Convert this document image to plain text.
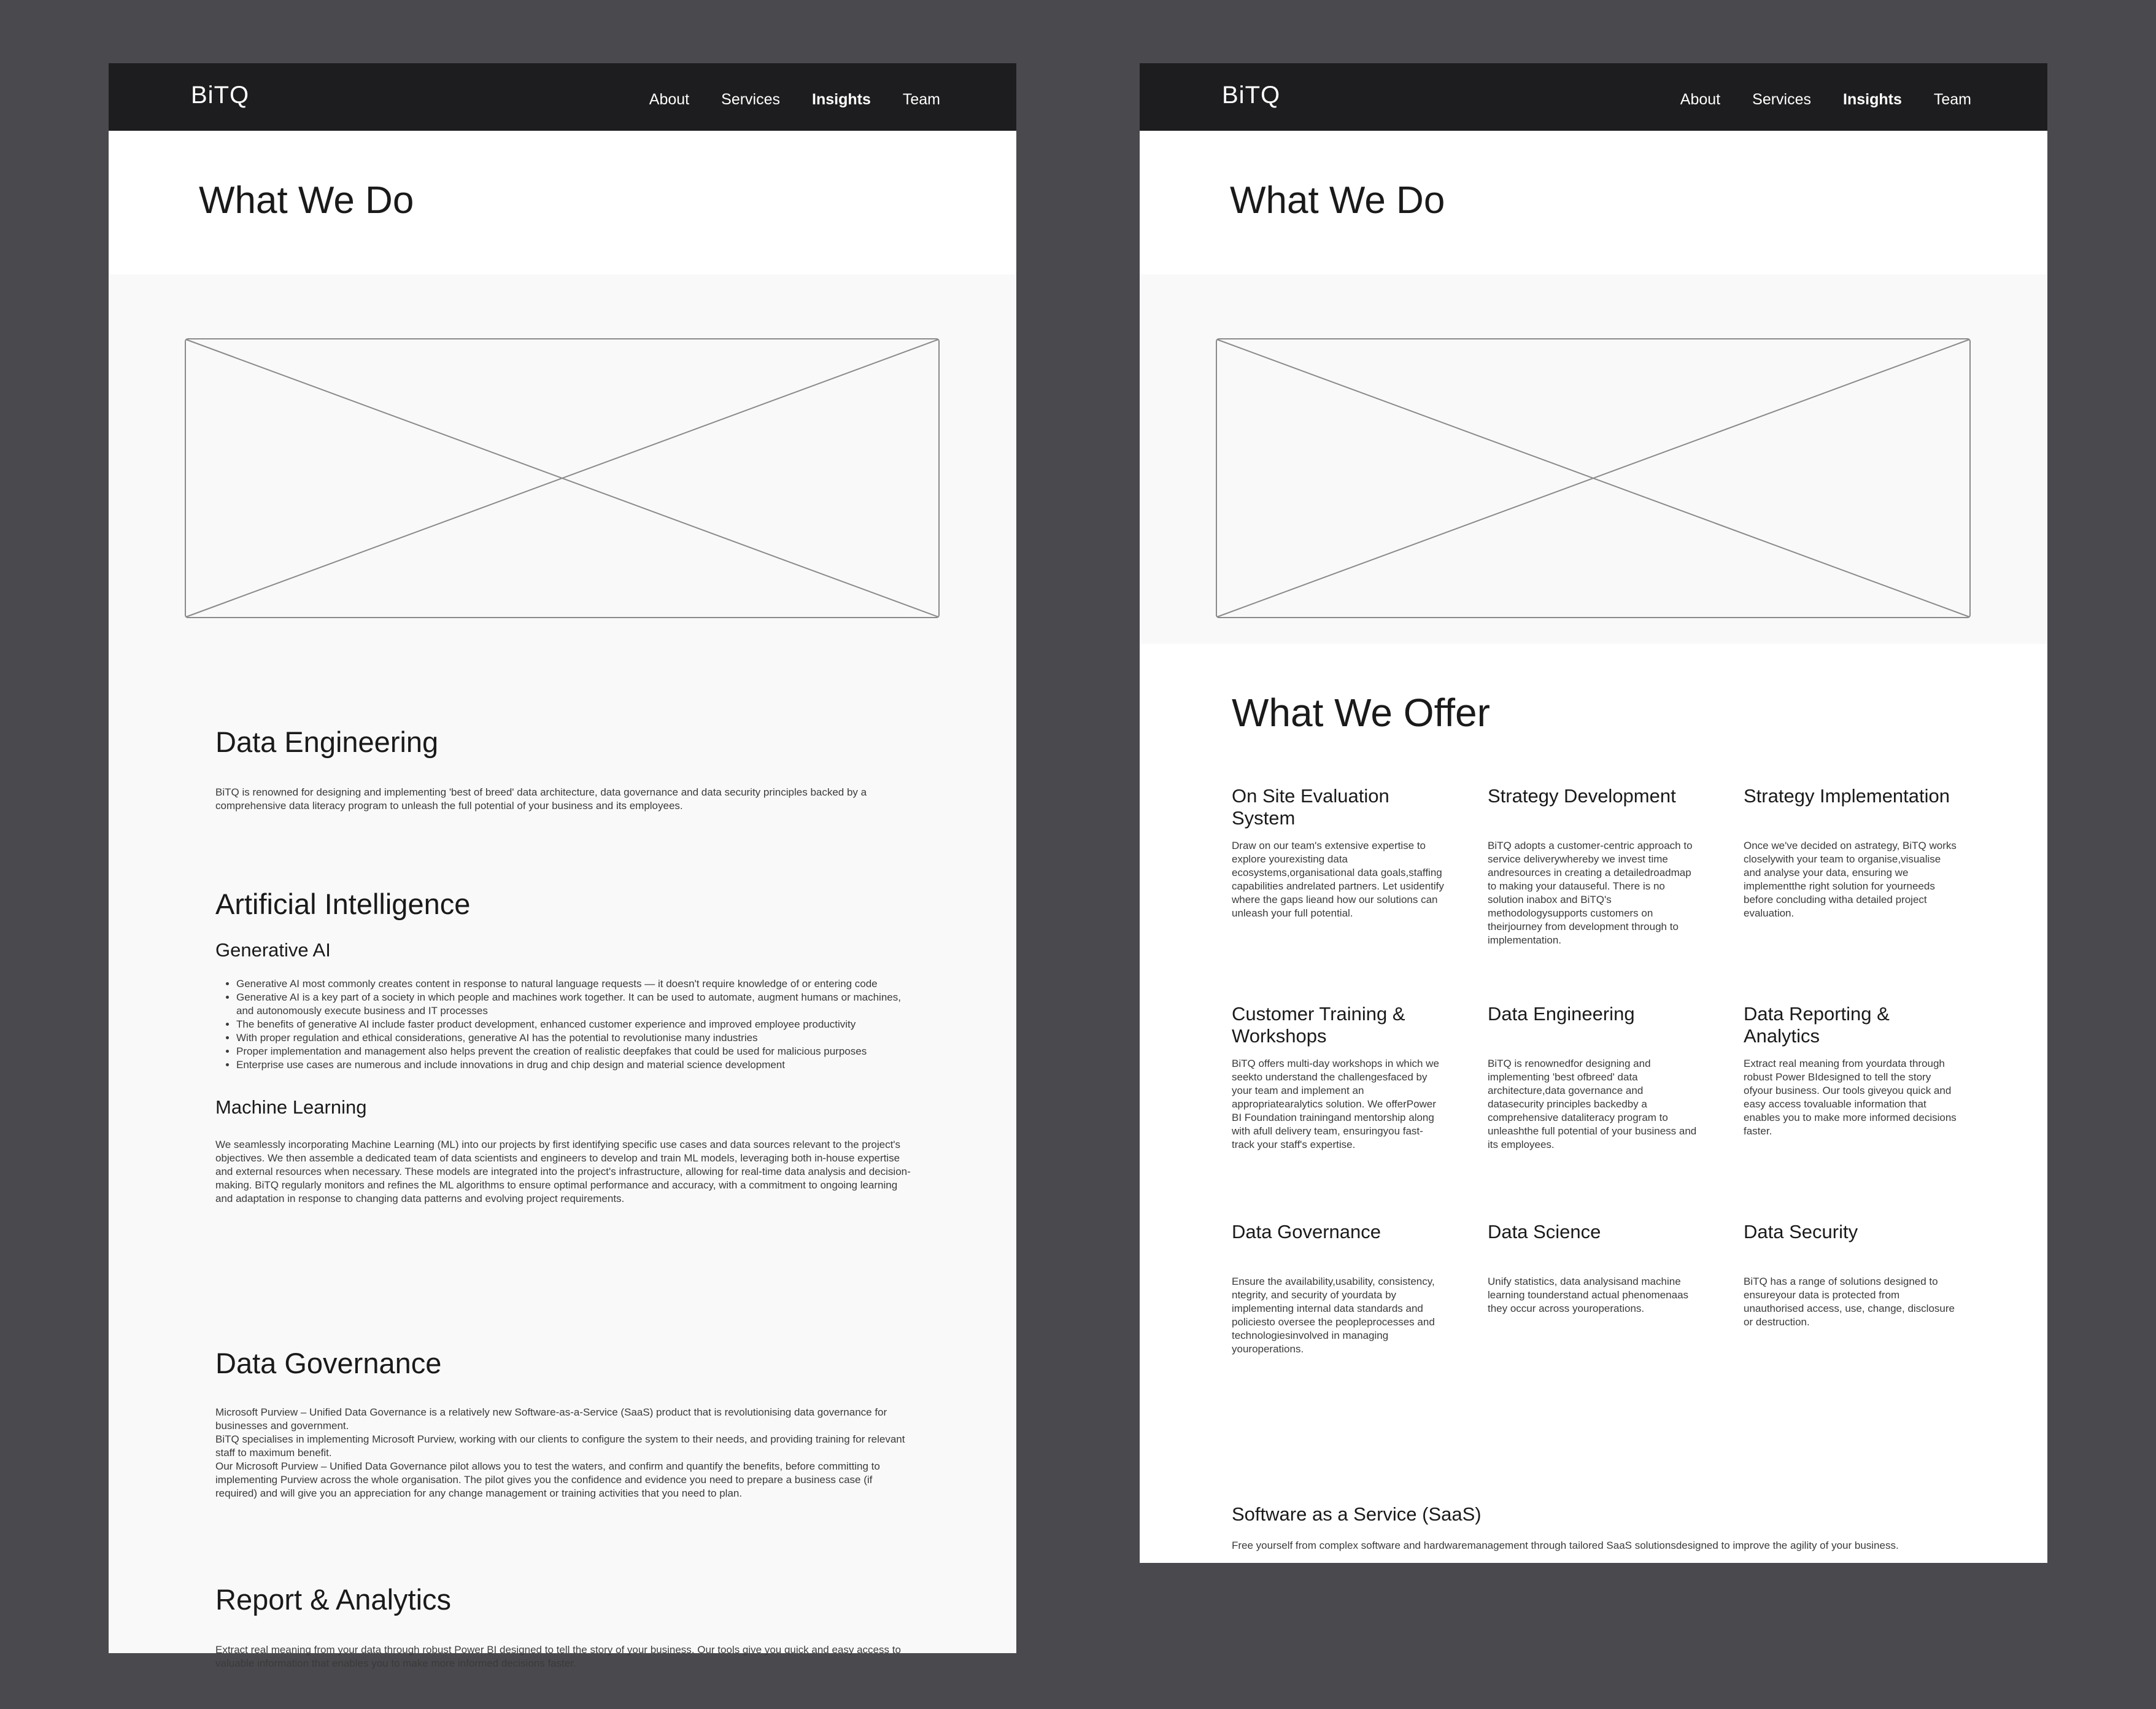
BiTQ	About Services Insights Team
What We Do
Data Engineering
BiTQ is renowned for designing and implementing 'best of breed' data architecture, data governance and data security principles backed by a comprehensive data literacy program to unleash the full potential of your business and its employees.
Artificial Intelligence
Generative AI
• Generative AI most commonly creates content in response to natural language requests — it doesn't require knowledge of or entering code
• Generative AI is a key part of a society in which people and machines work together. It can be used to automate, augment humans or machines, and autonomously execute business and IT processes
• The benefits of generative AI include faster product development, enhanced customer experience and improved employee productivity
• With proper regulation and ethical considerations, generative AI has the potential to revolutionise many industries
• Proper implementation and management also helps prevent the creation of realistic deepfakes that could be used for malicious purposes
• Enterprise use cases are numerous and include innovations in drug and chip design and material science development
Machine Learning
We seamlessly incorporating Machine Learning (ML) into our projects by first identifying specific use cases and data sources relevant to the project's objectives. We then assemble a dedicated team of data scientists and engineers to develop and train ML models, leveraging both in-house expertise and external resources when necessary. These models are integrated into the project's infrastructure, allowing for real-time data analysis and decision-making. BiTQ regularly monitors and refines the ML algorithms to ensure optimal performance and accuracy, with a commitment to ongoing learning and adaptation in response to changing data patterns and evolving project requirements.
Data Governance

Microsoft Purview – Unified Data Governance is a relatively new Software-as-a-Service (SaaS) product that is revolutionising data governance for businesses and government.

BiTQ specialises in implementing Microsoft Purview, working with our clients to configure the system to their needs, and providing training for relevant staff to maximum benefit.

Our Microsoft Purview – Unified Data Governance pilot allows you to test the waters, and confirm and quantify the benefits, before committing to implementing Purview across the whole organisation. The pilot gives you the confidence and evidence you need to prepare a business case (if required) and will give you an appreciation for any change management or training activities that you need to plan.

Report & Analytics
Extract real meaning from your data through robust Power BI designed to tell the story of your business. Our tools give you quick and easy access to valuable information that enables you to make more informed decisions faster.
BiTQ	About Services Insights Team
What We Do
What We Offer
On Site Evaluation System

Draw on our team's extensive expertise to explore yourexisting data ecosystems,organisational data goals,staffing capabilities andrelated partners. Let usidentify where the gaps lieand how our solutions can unleash your full potential.

Strategy Development

BiTQ adopts a customer-centric approach to service deliverywhereby we invest time andresources in creating a detailedroadmap to making your datauseful. There is no solution inabox and BiTQ's methodologysupports customers on theirjourney from development through to implementation.

Strategy Implementation

Once we've decided on astrategy, BiTQ works closelywith your team to organise,visualise and analyse your data, ensuring we implementthe right solution for yourneeds before concluding witha detailed project evaluation.

Customer Training & Workshops

BiTQ offers multi-day workshops in which we seekto understand the challengesfaced by your team and implement an appropriatearalytics solution. We offerPower BI Foundation trainingand mentorship along with afull delivery team, ensuringyou fast-track your staff's expertise.

Data Engineering

BiTQ is renownedfor designing and implementing 'best ofbreed' data architecture,data governance and datasecurity principles backedby a comprehensive dataliteracy program to unleashthe full potential of your business and its employees.

Data Reporting & Analytics

Extract real meaning from yourdata through robust Power BIdesigned to tell the story ofyour business. Our tools giveyou quick and easy access tovaluable information that enables you to make more informed decisions faster.

Data Governance

Ensure the availability,usability, consistency, ntegrity, and security of yourdata by implementing internal data standards and policiesto oversee the peopleprocesses and technologiesinvolved in managing youroperations.

Data Science

Unify statistics, data analysisand machine learning tounderstand actual phenomenaas they occur across youroperations.

Data Security

BiTQ has a range of solutions designed to ensureyour data is protected from unauthorised access, use, change, disclosure or destruction.

Software as a Service (SaaS)

Free yourself from complex software and hardwaremanagement through tailored SaaS solutionsdesigned to improve the agility of your business.
